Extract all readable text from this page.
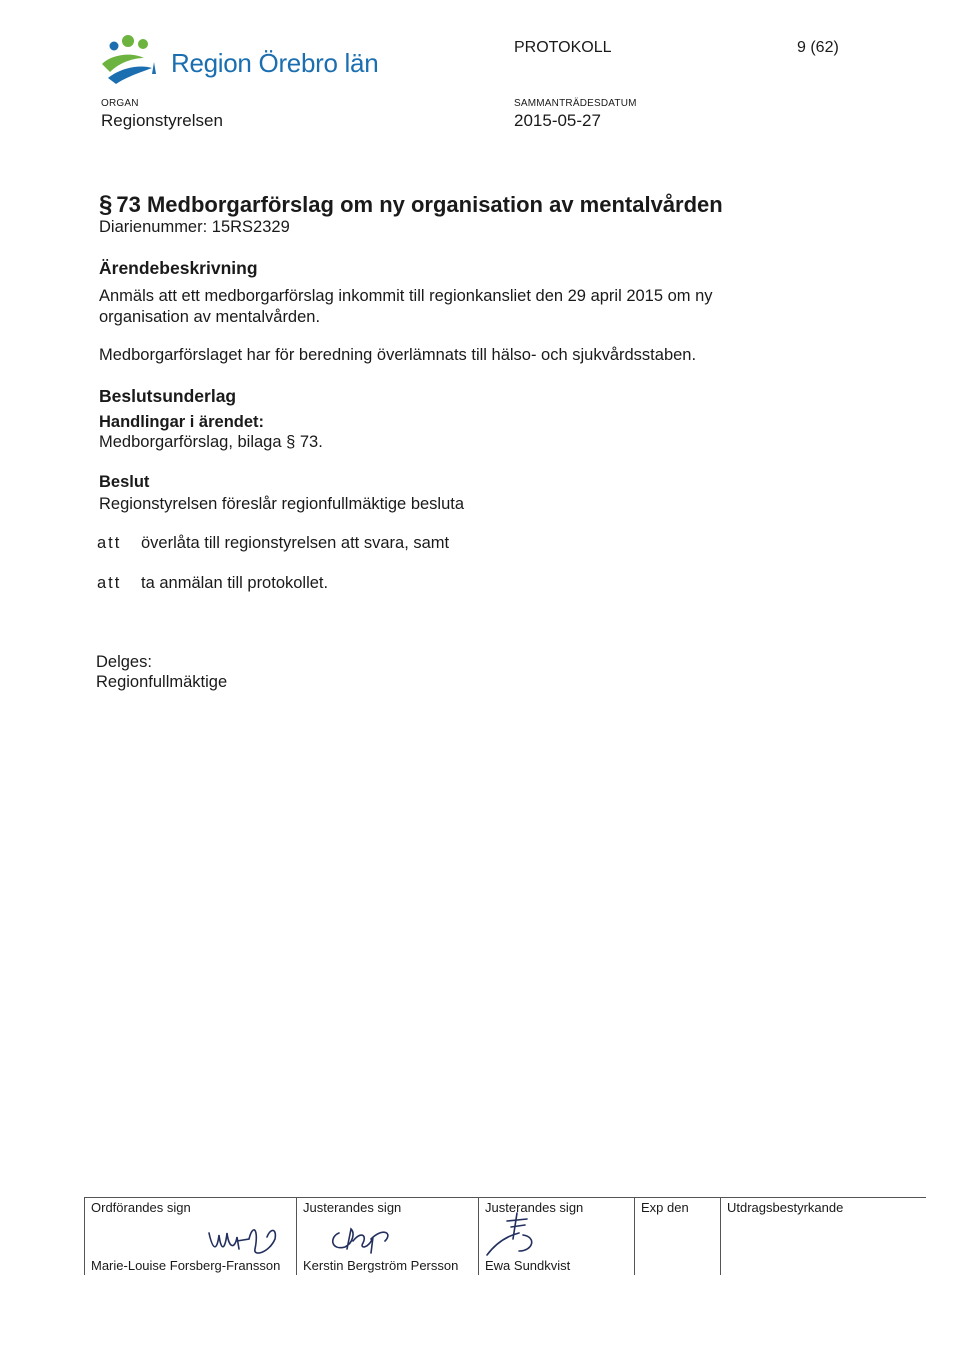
Region Örebro län
PROTOKOLL	9 (62)
ORGAN
Regionstyrelsen
SAMMANTRÄDESDATUM
2015-05-27
§ 73 Medborgarförslag om ny organisation av mentalvården
Diarienummer: 15RS2329
Ärendebeskrivning
Anmäls att ett medborgarförslag inkommit till regionkansliet den 29 april 2015 om ny organisation av mentalvården.
Medborgarförslaget har för beredning överlämnats till hälso- och sjukvårdsstaben.
Beslutsunderlag
Handlingar i ärendet:
Medborgarförslag, bilaga § 73.
Beslut
Regionstyrelsen föreslår regionfullmäktige besluta
att överlåta till regionstyrelsen att svara, samt
att ta anmälan till protokollet.
Delges:
Regionfullmäktige
Ordförandes sign
Marie-Louise Forsberg-Fransson
Justerandes sign
Kerstin Bergström Persson
Justerandes sign
Ewa Sundkvist
Exp den	Utdragsbestyrkande
